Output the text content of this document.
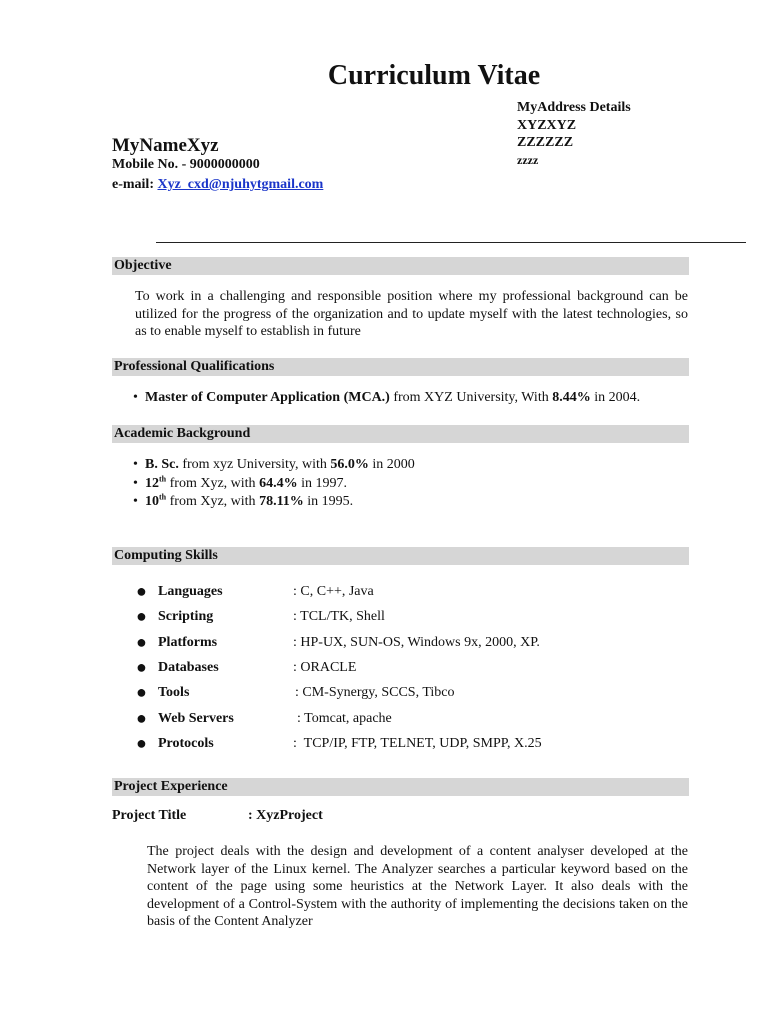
Curriculum Vitae
MyAddress Details
XYZXYZ
ZZZZZZ
zzzz
MyNameXyz
Mobile No. - 9000000000
e-mail: Xyz_cxd@njuhytgmail.com
Objective
To work in a challenging and responsible position where my professional background can be utilized for the progress of the organization and to update myself with the latest technologies, so as to enable myself to establish in future
Professional Qualifications
• Master of Computer Application (MCA.) from XYZ University, With 8.44% in 2004.
Academic Background
• B. Sc. from xyz University, with 56.0% in 2000
• 12th from Xyz, with 64.4% in 1997.
• 10th from Xyz, with 78.11% in 1995.
Computing Skills
● Languages	: C, C++, Java
● Scripting	: TCL/TK, Shell
● Platforms	: HP-UX, SUN-OS, Windows 9x, 2000, XP.
● Databases	: ORACLE
● Tools	: CM-Synergy, SCCS, Tibco
● Web Servers	: Tomcat, apache
● Protocols	:  TCP/IP, FTP, TELNET, UDP, SMPP, X.25
Project Experience
Project Title	: XyzProject
The project deals with the design and development of a content analyser developed at the Network layer of the Linux kernel. The Analyzer searches a particular keyword based on the content of the page using some heuristics at the Network Layer. It also deals with the development of a Control-System with the authority of implementing the decisions taken on the basis of the Content Analyzer
